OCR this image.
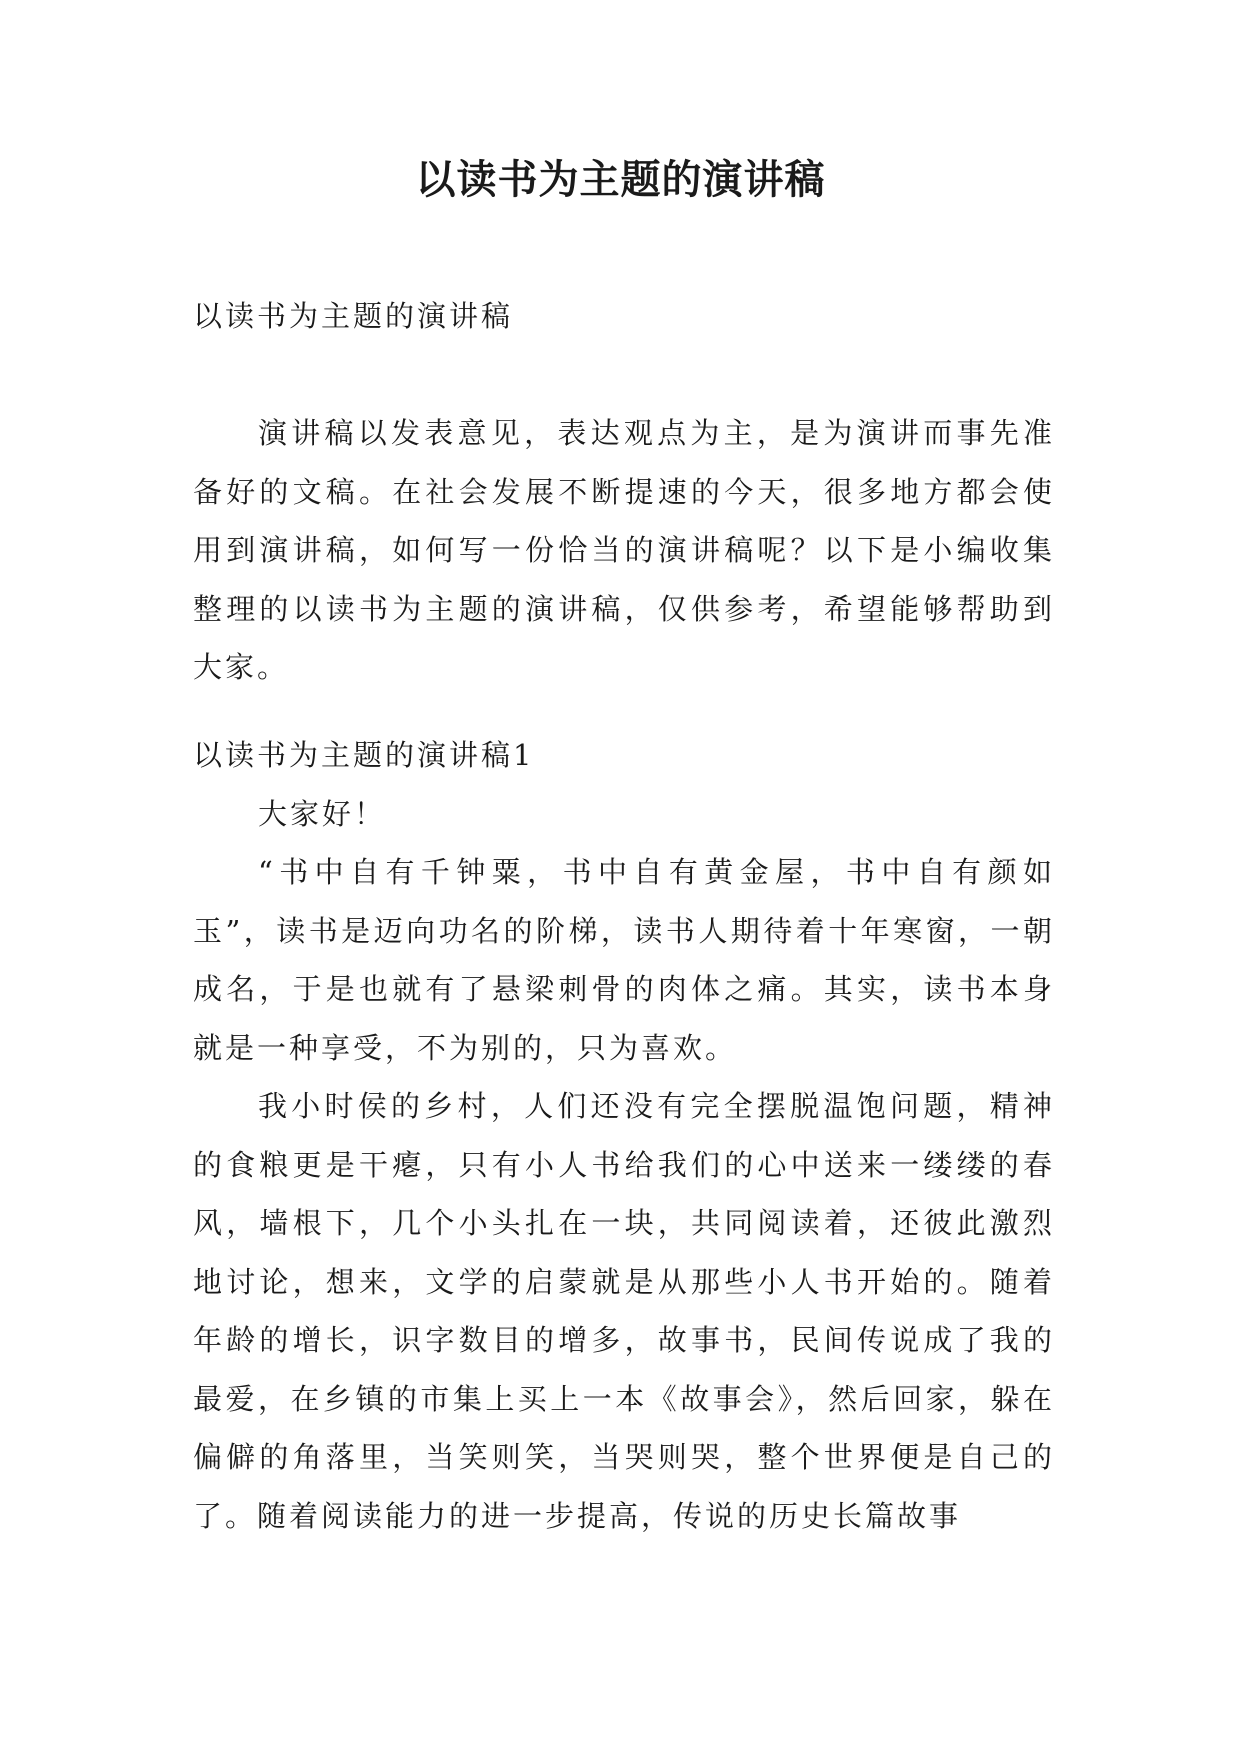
以读书为主题的演讲稿
以读书为主题的演讲稿

演讲稿以发表意见，表达观点为主，是为演讲而事先准备好的文稿。在社会发展不断提速的今天，很多地方都会使用到演讲稿，如何写一份恰当的演讲稿呢？以下是小编收集整理的以读书为主题的演讲稿，仅供参考，希望能够帮助到大家。

以读书为主题的演讲稿1

大家好！

“书中自有千钟粟，书中自有黄金屋，书中自有颜如玉”，读书是迈向功名的阶梯，读书人期待着十年寒窗，一朝成名，于是也就有了悬梁刺骨的肉体之痛。其实，读书本身就是一种享受，不为别的，只为喜欢。

我小时侯的乡村，人们还没有完全摆脱温饱问题，精神的食粮更是干瘪，只有小人书给我们的心中送来一缕缕的春风，墙根下，几个小头扎在一块，共同阅读着，还彼此激烈地讨论，想来，文学的启蒙就是从那些小人书开始的。随着年龄的增长，识字数目的增多，故事书，民间传说成了我的最爱，在乡镇的市集上买上一本《故事会》，然后回家，躲在偏僻的角落里，当笑则笑，当哭则哭，整个世界便是自己的了。随着阅读能力的进一步提高，传说的历史长篇故事
